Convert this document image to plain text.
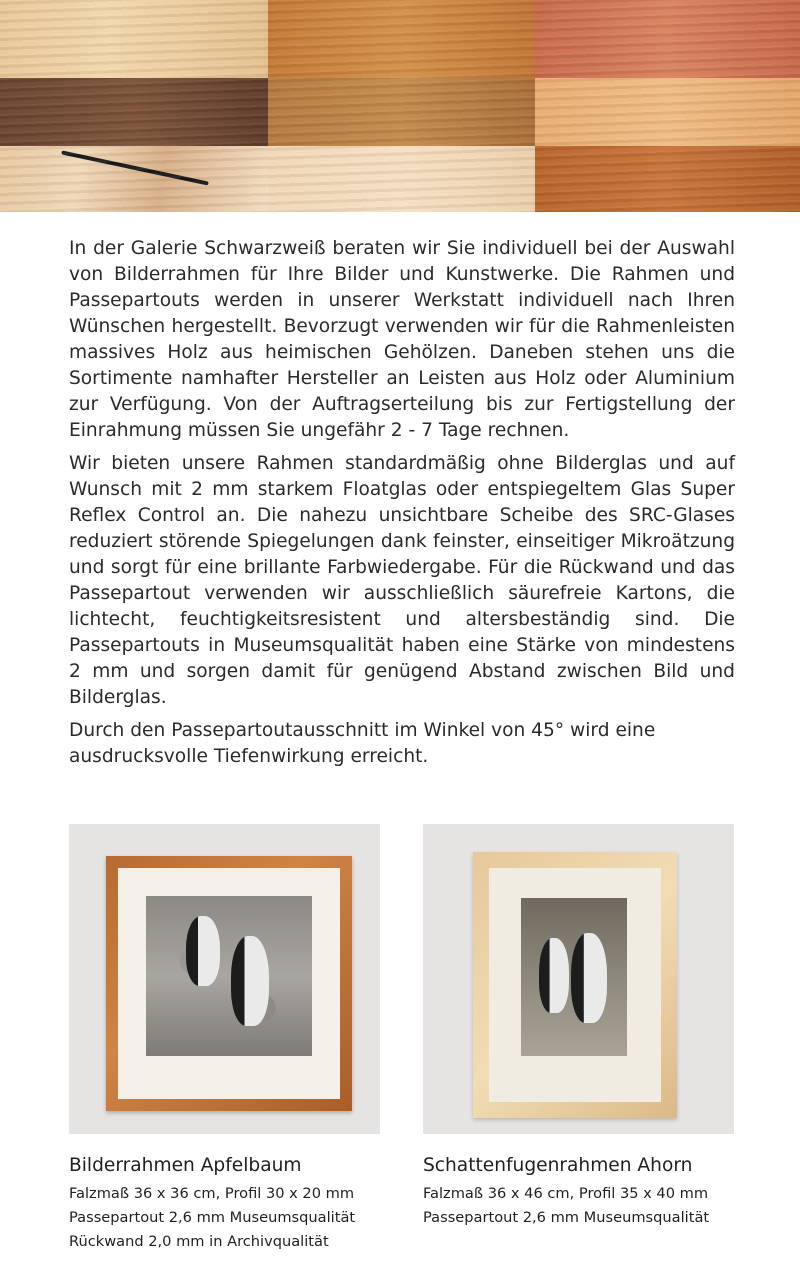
In der Galerie Schwarzweiß beraten wir Sie individuell bei der Auswahl von Bilderrahmen für Ihre Bilder und Kunstwerke. Die Rahmen und Passepartouts werden in unserer Werkstatt individuell nach Ihren Wünschen hergestellt. Bevorzugt verwenden wir für die Rahmenleisten massives Holz aus heimischen Gehölzen. Daneben stehen uns die Sortimente namhafter Hersteller an Leisten aus Holz oder Aluminium zur Verfügung. Von der Auftragserteilung bis zur Fertigstellung der Einrahmung müssen Sie ungefähr 2 - 7 Tage rechnen.

Wir bieten unsere Rahmen standardmäßig ohne Bilderglas und auf Wunsch mit 2 mm starkem Floatglas oder entspiegeltem Glas Super Reflex Control an. Die nahezu unsichtbare Scheibe des SRC-Glases reduziert störende Spiegelungen dank feinster, einseitiger Mikroätzung und sorgt für eine brillante Farbwiedergabe. Für die Rückwand und das Passepartout verwenden wir ausschließlich säurefreie Kartons, die lichtecht, feuchtigkeitsresistent und altersbeständig sind. Die Passepartouts in Museumsqualität haben eine Stärke von mindestens 2 mm und sorgen damit für genügend Abstand zwischen Bild und Bilderglas.

Durch den Passepartoutausschnitt im Winkel von 45° wird eine ausdrucksvolle Tiefenwirkung erreicht.

Bilderrahmen Apfelbaum
Falzmaß 36 x 36 cm, Profil 30 x 20 mm
Passepartout 2,6 mm Museumsqualität
Rückwand 2,0 mm in Archivqualität
Schattenfugenrahmen Ahorn
Falzmaß 36 x 46 cm, Profil 35 x 40 mm
Passepartout 2,6 mm Museumsqualität
